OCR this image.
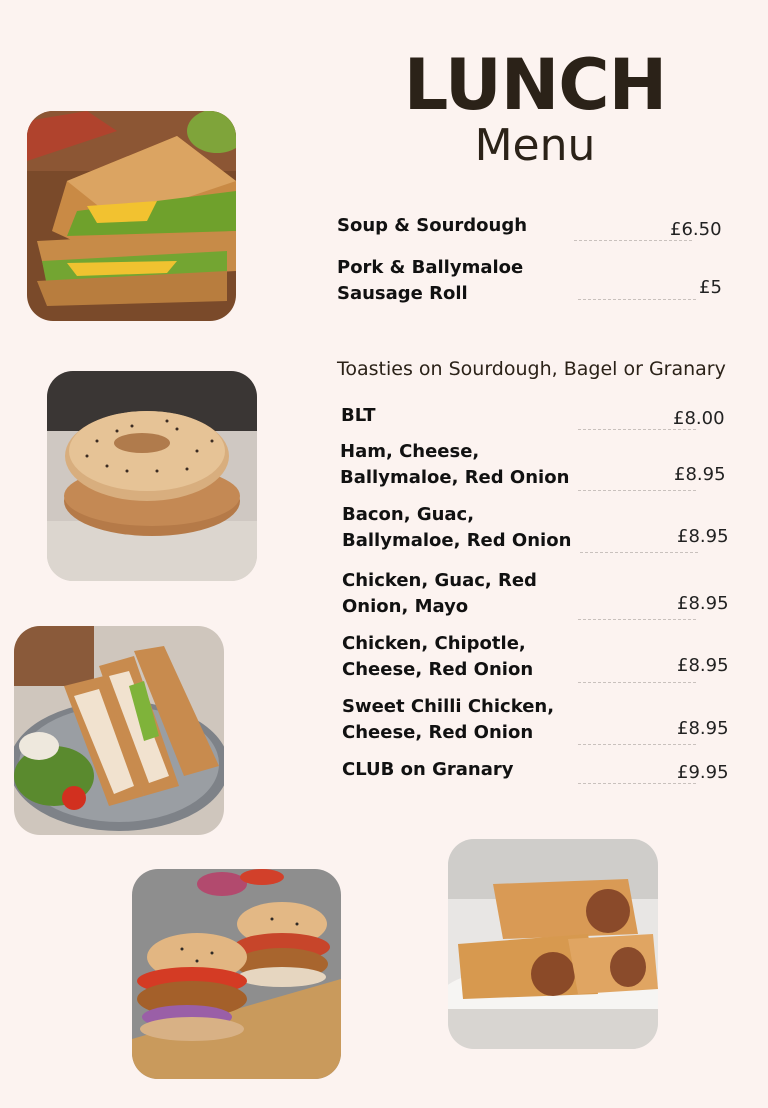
LUNCH
Menu
Soup & Sourdough	£6.50
Pork & Ballymaloe
Sausage Roll	£5
Toasties on Sourdough, Bagel or Granary
BLT	£8.00
Ham, Cheese,
Ballymaloe, Red Onion	£8.95
Bacon, Guac,
Ballymaloe, Red Onion	£8.95
Chicken, Guac, Red
Onion, Mayo	£8.95
Chicken, Chipotle,
Cheese, Red Onion	£8.95
Sweet Chilli Chicken,
Cheese, Red Onion	£8.95
CLUB on Granary	£9.95
